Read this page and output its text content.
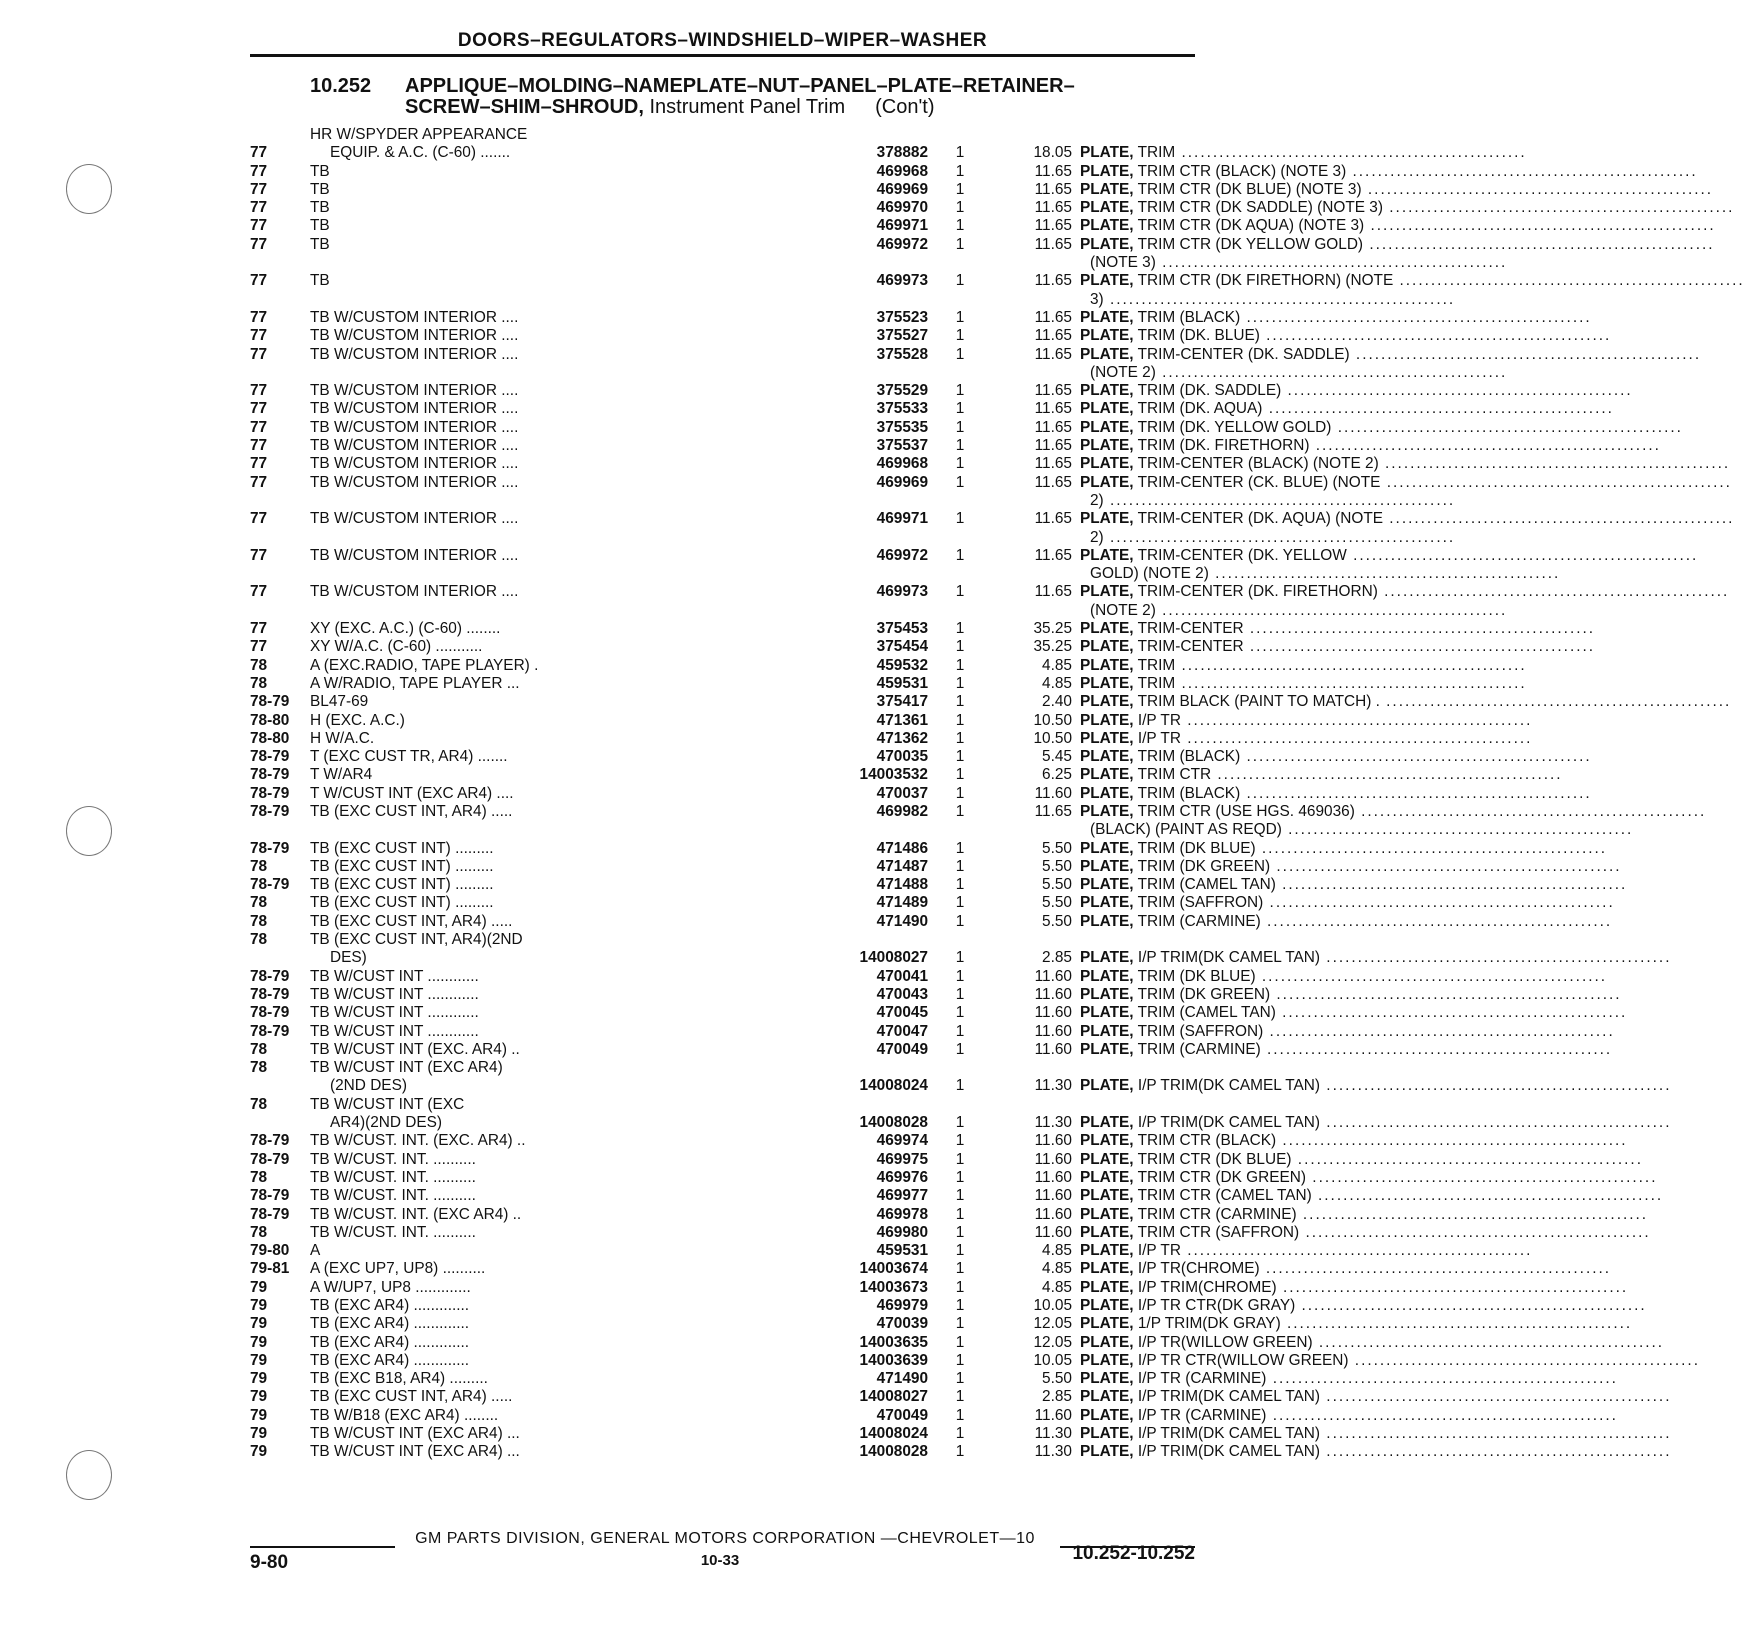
DOORS–REGULATORS–WINDSHIELD–WIPER–WASHER
10.252 APPLIQUE–MOLDING–NAMEPLATE–NUT–PANEL–PLATE–RETAINER–
SCREW–SHIM–SHROUD, Instrument Panel Trim (Con't)
HR W/SPYDER APPEARANCE
77	EQUIP. & A.C. (C-60) .......	378882	1	18.05 PLATE, TRIM .......................................................
77	TB	469968	1	11.65 PLATE, TRIM CTR (BLACK) (NOTE 3) .......................................................
77	TB	469969	1	11.65 PLATE, TRIM CTR (DK BLUE) (NOTE 3) .......................................................
77	TB	469970	1	11.65 PLATE, TRIM CTR (DK SADDLE) (NOTE 3) .......................................................
77	TB	469971	1	11.65 PLATE, TRIM CTR (DK AQUA) (NOTE 3) .......................................................
77	TB	469972	1	11.65 PLATE, TRIM CTR (DK YELLOW GOLD) .......................................................
(NOTE 3) .......................................................
77	TB	469973	1	11.65 PLATE, TRIM CTR (DK FIRETHORN) (NOTE .......................................................
3) .......................................................
77	TB W/CUSTOM INTERIOR ....	375523	1	11.65 PLATE, TRIM (BLACK) .......................................................
77	TB W/CUSTOM INTERIOR ....	375527	1	11.65 PLATE, TRIM (DK. BLUE) .......................................................
77	TB W/CUSTOM INTERIOR ....	375528	1	11.65 PLATE, TRIM-CENTER (DK. SADDLE) .......................................................
(NOTE 2) .......................................................
77	TB W/CUSTOM INTERIOR ....	375529	1	11.65 PLATE, TRIM (DK. SADDLE) .......................................................
77	TB W/CUSTOM INTERIOR ....	375533	1	11.65 PLATE, TRIM (DK. AQUA) .......................................................
77	TB W/CUSTOM INTERIOR ....	375535	1	11.65 PLATE, TRIM (DK. YELLOW GOLD) .......................................................
77	TB W/CUSTOM INTERIOR ....	375537	1	11.65 PLATE, TRIM (DK. FIRETHORN) .......................................................
77	TB W/CUSTOM INTERIOR ....	469968	1	11.65 PLATE, TRIM-CENTER (BLACK) (NOTE 2) .......................................................
77	TB W/CUSTOM INTERIOR ....	469969	1	11.65 PLATE, TRIM-CENTER (CK. BLUE) (NOTE .......................................................
2) .......................................................
77	TB W/CUSTOM INTERIOR ....	469971	1	11.65 PLATE, TRIM-CENTER (DK. AQUA) (NOTE .......................................................
2) .......................................................
77	TB W/CUSTOM INTERIOR ....	469972	1	11.65 PLATE, TRIM-CENTER (DK. YELLOW .......................................................
GOLD) (NOTE 2) .......................................................
77	TB W/CUSTOM INTERIOR ....	469973	1	11.65 PLATE, TRIM-CENTER (DK. FIRETHORN) .......................................................
(NOTE 2) .......................................................
77	XY (EXC. A.C.) (C-60) ........	375453	1	35.25 PLATE, TRIM-CENTER .......................................................
77	XY W/A.C. (C-60) ...........	375454	1	35.25 PLATE, TRIM-CENTER .......................................................
78	A (EXC.RADIO, TAPE PLAYER) .	459532	1	4.85 PLATE, TRIM .......................................................
78	A W/RADIO, TAPE PLAYER ...	459531	1	4.85 PLATE, TRIM .......................................................
78-79	BL47-69	375417	1	2.40 PLATE, TRIM BLACK (PAINT TO MATCH) . .......................................................
78-80	H (EXC. A.C.)	471361	1	10.50 PLATE, I/P TR .......................................................
78-80	H W/A.C.	471362	1	10.50 PLATE, I/P TR .......................................................
78-79	T (EXC CUST TR, AR4) .......	470035	1	5.45 PLATE, TRIM (BLACK) .......................................................
78-79	T W/AR4	14003532	1	6.25 PLATE, TRIM CTR .......................................................
78-79	T W/CUST INT (EXC AR4) ....	470037	1	11.60 PLATE, TRIM (BLACK) .......................................................
78-79	TB (EXC CUST INT, AR4) .....	469982	1	11.65 PLATE, TRIM CTR (USE HGS. 469036) .......................................................
(BLACK) (PAINT AS REQD) .......................................................
78-79	TB (EXC CUST INT) .........	471486	1	5.50 PLATE, TRIM (DK BLUE) .......................................................
78	TB (EXC CUST INT) .........	471487	1	5.50 PLATE, TRIM (DK GREEN) .......................................................
78-79	TB (EXC CUST INT) .........	471488	1	5.50 PLATE, TRIM (CAMEL TAN) .......................................................
78	TB (EXC CUST INT) .........	471489	1	5.50 PLATE, TRIM (SAFFRON) .......................................................
78	TB (EXC CUST INT, AR4) .....	471490	1	5.50 PLATE, TRIM (CARMINE) .......................................................
78	TB (EXC CUST INT, AR4)(2ND
DES)	14008027	1	2.85 PLATE, I/P TRIM(DK CAMEL TAN) .......................................................
78-79	TB W/CUST INT ............	470041	1	11.60 PLATE, TRIM (DK BLUE) .......................................................
78-79	TB W/CUST INT ............	470043	1	11.60 PLATE, TRIM (DK GREEN) .......................................................
78-79	TB W/CUST INT ............	470045	1	11.60 PLATE, TRIM (CAMEL TAN) .......................................................
78-79	TB W/CUST INT ............	470047	1	11.60 PLATE, TRIM (SAFFRON) .......................................................
78	TB W/CUST INT (EXC. AR4) ..	470049	1	11.60 PLATE, TRIM (CARMINE) .......................................................
78	TB W/CUST INT (EXC AR4)
(2ND DES)	14008024	1	11.30 PLATE, I/P TRIM(DK CAMEL TAN) .......................................................
78	TB W/CUST INT (EXC
AR4)(2ND DES)	14008028	1	11.30 PLATE, I/P TRIM(DK CAMEL TAN) .......................................................
78-79	TB W/CUST. INT. (EXC. AR4) ..	469974	1	11.60 PLATE, TRIM CTR (BLACK) .......................................................
78-79	TB W/CUST. INT. ..........	469975	1	11.60 PLATE, TRIM CTR (DK BLUE) .......................................................
78	TB W/CUST. INT. ..........	469976	1	11.60 PLATE, TRIM CTR (DK GREEN) .......................................................
78-79	TB W/CUST. INT. ..........	469977	1	11.60 PLATE, TRIM CTR (CAMEL TAN) .......................................................
78-79	TB W/CUST. INT. (EXC AR4) ..	469978	1	11.60 PLATE, TRIM CTR (CARMINE) .......................................................
78	TB W/CUST. INT. ..........	469980	1	11.60 PLATE, TRIM CTR (SAFFRON) .......................................................
79-80	A	459531	1	4.85 PLATE, I/P TR .......................................................
79-81	A (EXC UP7, UP8) ..........	14003674	1	4.85 PLATE, I/P TR(CHROME) .......................................................
79	A W/UP7, UP8 .............	14003673	1	4.85 PLATE, I/P TRIM(CHROME) .......................................................
79	TB (EXC AR4) .............	469979	1	10.05 PLATE, I/P TR CTR(DK GRAY) .......................................................
79	TB (EXC AR4) .............	470039	1	12.05 PLATE, 1/P TRIM(DK GRAY) .......................................................
79	TB (EXC AR4) .............	14003635	1	12.05 PLATE, I/P TR(WILLOW GREEN) .......................................................
79	TB (EXC AR4) .............	14003639	1	10.05 PLATE, I/P TR CTR(WILLOW GREEN) .......................................................
79	TB (EXC B18, AR4) .........	471490	1	5.50 PLATE, I/P TR (CARMINE) .......................................................
79	TB (EXC CUST INT, AR4) .....	14008027	1	2.85 PLATE, I/P TRIM(DK CAMEL TAN) .......................................................
79	TB W/B18 (EXC AR4) ........	470049	1	11.60 PLATE, I/P TR (CARMINE) .......................................................
79	TB W/CUST INT (EXC AR4) ...	14008024	1	11.30 PLATE, I/P TRIM(DK CAMEL TAN) .......................................................
79	TB W/CUST INT (EXC AR4) ...	14008028	1	11.30 PLATE, I/P TRIM(DK CAMEL TAN) .......................................................
GM PARTS DIVISION, GENERAL MOTORS CORPORATION —CHEVROLET—10
9-80	10-33	10.252-10.252
